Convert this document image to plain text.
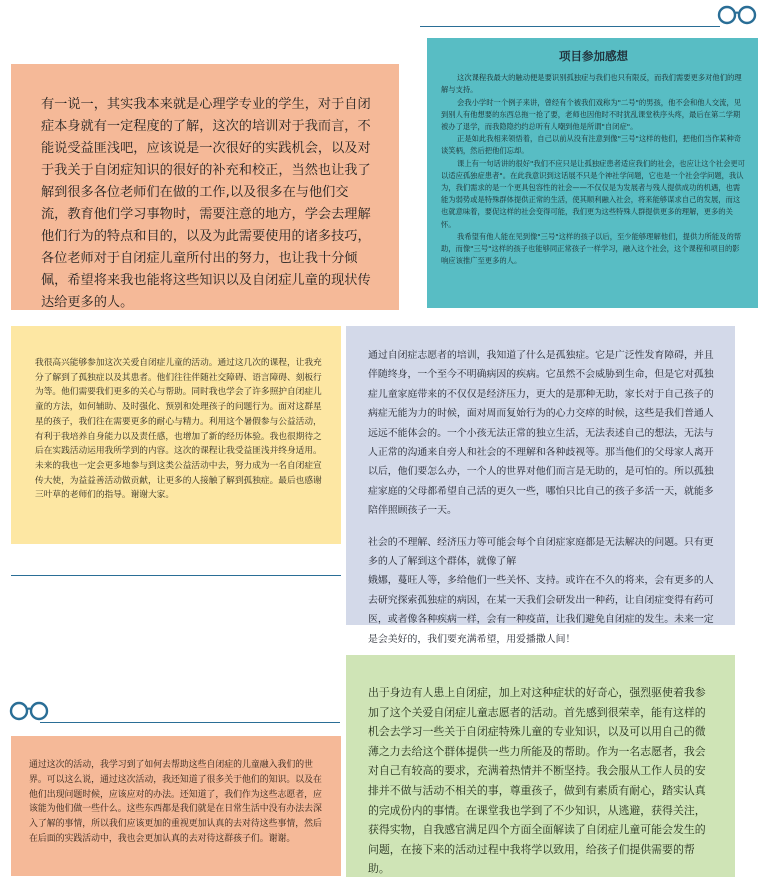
有一说一，其实我本来就是心理学专业的学生，对于自闭症本身就有一定程度的了解，这次的培训对于我而言，不能说受益匪浅吧，应该说是一次很好的实践机会，以及对于我关于自闭症知识的很好的补充和校正，当然也让我了解到很多各位老师们在做的工作,以及很多在与他们交流，教育他们学习事物时，需要注意的地方，学会去理解他们行为的特点和目的，以及为此需要使用的诸多技巧，各位老师对于自闭症儿童所付出的努力，也让我十分倾佩，希望将来我也能将这些知识以及自闭症儿童的现状传达给更多的人。

项目参加感想

这次课程我最大的触动便是要识别孤独症与我们也只有限反，而我们需要更多对他们的理解与支持。

会我小学时一个例子来讲，曾经有个被我们戏称为"二号"的男孩，他不会和他人交流，见到别人有他想要的东西总拖一抢了要，老师也因他时不时犹乱课堂秩序头疼，最后在第二学期被办了退学，而我隐隐约约总听有人嘲到他是所谓"自闭症"。

正是如此我相来领悟着，自己以前从没有注意到像"三号"这样的他们，把他们当作某种奇谈笑柄，然后把他们忘却。

课上有一句话讲的很好"我们不应只是让孤独症患者适应我们的社会，也应让这个社会更可以适应孤独症患者"。在此我意识到这话展不只是个神社学问题，它也是一个社会学问题，我认为，我们需求的是一个更具包容性的社会——不仅仅是为发展者与残人提供成功的机遇，也需能为弱势或是特殊群体提供正常的生活，使其顺利融入社会，将来能够谋求自己的发展，而这也就意味着，要促这样的社会变得可能，我们更为这些特殊人群提供更多的理解，更多的关怀。

我希望有他人能在见到像"三号"这样的孩子以后，至少能够理解他们，提供力所能及的帮助，而像"三号"这样的孩子也能够同正常孩子一样学习，融入这个社会，这个课程和项目的影响应该推广至更多的人。

我很高兴能够参加这次关爱自闭症儿童的活动。通过这几次的课程，让我充分了解到了孤独症以及其患者。他们往往伴随社交障碍、语言障碍、刻板行为等。他们需要我们更多的关心与帮助。同时我也学会了许多照护自闭症儿童的方法，如何辅助、及时强化、预别和处理孩子的问题行为。面对这群星星的孩子，我们往在需要更多的耐心与精力。利用这个暑假参与公益活动，有利于我培养自身能力以及责任感，也增加了新的经历体验。我也很期待之后在实践活动运用我所学到的内容。这次的课程让我受益匪浅并终身适用。未来的我也一定会更多地参与到这类公益活动中去，努力成为一名自闭症宣传大使，为益益善活动做贡献，让更多的人接触了解到孤独症。最后也感谢三叶草的老师们的指导。谢谢大家。

通过自闭症志愿者的培训，我知道了什么是孤独症。它是广泛性发育障碍，并且伴随终身，一个至今不明确病因的疾病。它虽然不会威胁到生命，但是它对孤独症儿童家庭带来的不仅仅是经济压力，更大的是那种无助，家长对于自己孩子的病症无能为力的时候，面对周而复始行为的心力交瘁的时候，这些是我们普通人远远不能体会的。一个小孩无法正常的独立生活，无法表述自己的想法，无法与人正常的沟通来自旁人和社会的不理解和各种歧视等。那当他们的父母家人离开以后，他们要怎么办，一个人的世界对他们而言是无助的，是可怕的。所以孤独症家庭的父母都希望自己活的更久一些，哪怕只比自己的孩子多活一天，就能多陪伴照顾孩子一天。

社会的不理解、经济压力等可能会每个自闭症家庭都是无法解决的问题。只有更多的人了解到这个群体，就像了解

娥娜，蔓旺人等，多给他们一些关怀、支持。或许在不久的将来，会有更多的人去研究探索孤独症的病因，在某一天我们会研发出一种药，让自闭症变得有药可医，或者像各种疾病一样，会有一种疫苗，让我们避免自闭症的发生。未来一定是会美好的，我们要充满希望，用爱播撒人间！

通过这次的活动，我学习到了如何去帮助这些自闭症的儿童融入我们的世界。可以这么说，通过这次活动，我还知道了很多关于他们的知识。以及在他们出现问题时候，应该应对的办法。还知道了，我们作为这些志愿者，应该能为他们做一些什么。这些东西都是我们就是在日常生活中没有办法去深入了解的事情，所以我们应该更加的重视更加认真的去对待这些事情，然后在后面的实践活动中，我也会更加认真的去对待这群孩子们。谢谢。

出于身边有人患上自闭症，加上对这种症状的好奇心，强烈驱使着我参加了这个关爱自闭症儿童志愿者的活动。首先感到很荣幸，能有这样的机会去学习一些关于自闭症特殊儿童的专业知识，以及可以用自己的微薄之力去给这个群体提供一些力所能及的帮助。作为一名志愿者，我会对自己有较高的要求，充满着热情并不断坚持。我会服从工作人员的安排并不做与活动不相关的事，尊重孩子，做到有素质有耐心，踏实认真的完成份内的事情。在课堂我也学到了不少知识，从逃避，获得关注，获得实物，自我感官满足四个方面全面解读了自闭症儿童可能会发生的问题，在接下来的活动过程中我将学以致用，给孩子们提供需要的帮助。
